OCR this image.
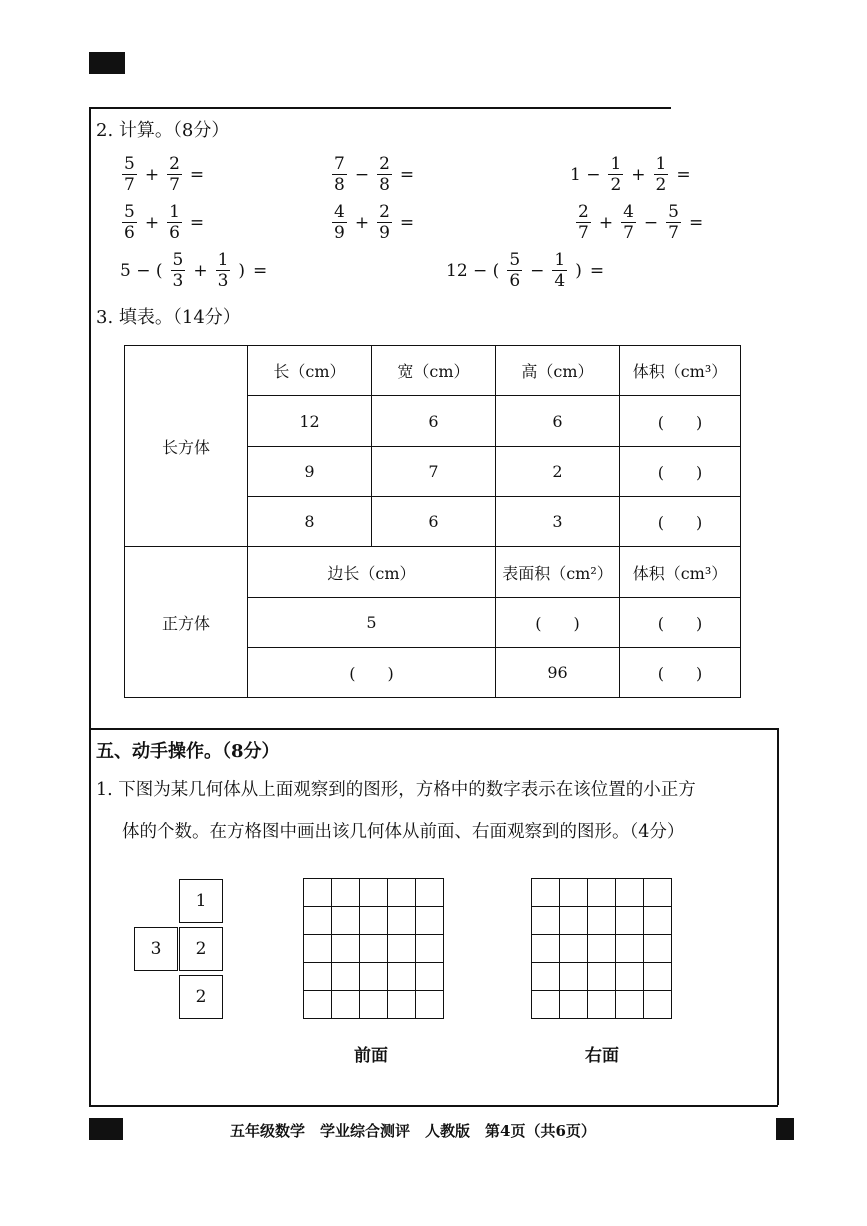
2. 计算。（8分）
$\frac{5}{7} + \frac{2}{7}$ =	$\frac{7}{8} - \frac{2}{8}$ =	$1 - \frac{1}{2} + \frac{1}{2}$ =
$\frac{5}{6} + \frac{1}{6}$ =	$\frac{4}{9} + \frac{2}{9}$ =	$\frac{2}{7} + \frac{4}{7} - \frac{5}{7}$ =
5 − ( $\frac{5}{3} + \frac{1}{3}$ ) =	12 − ( $\frac{5}{6} - \frac{1}{4}$ ) =
3. 填表。（14分）
长方体	长（cm）	宽（cm）	高（cm）	体积（cm³）
	12	6	6	(　　)
	9	7	2	(　　)
	8	6	3	(　　)
正方体	边长（cm）		表面积（cm²）	体积（cm³）
	5		(　　)	(　　)
	(　　)		96	(　　)
五、动手操作。（8分）
1. 下图为某几何体从上面观察到的图形，方格中的数字表示在该位置的小正方
体的个数。在方格图中画出该几何体从前面、右面观察到的图形。（4分）
1
3	2
2
前面	右面
五年级数学　学业综合测评　人教版　第4页（共6页）
